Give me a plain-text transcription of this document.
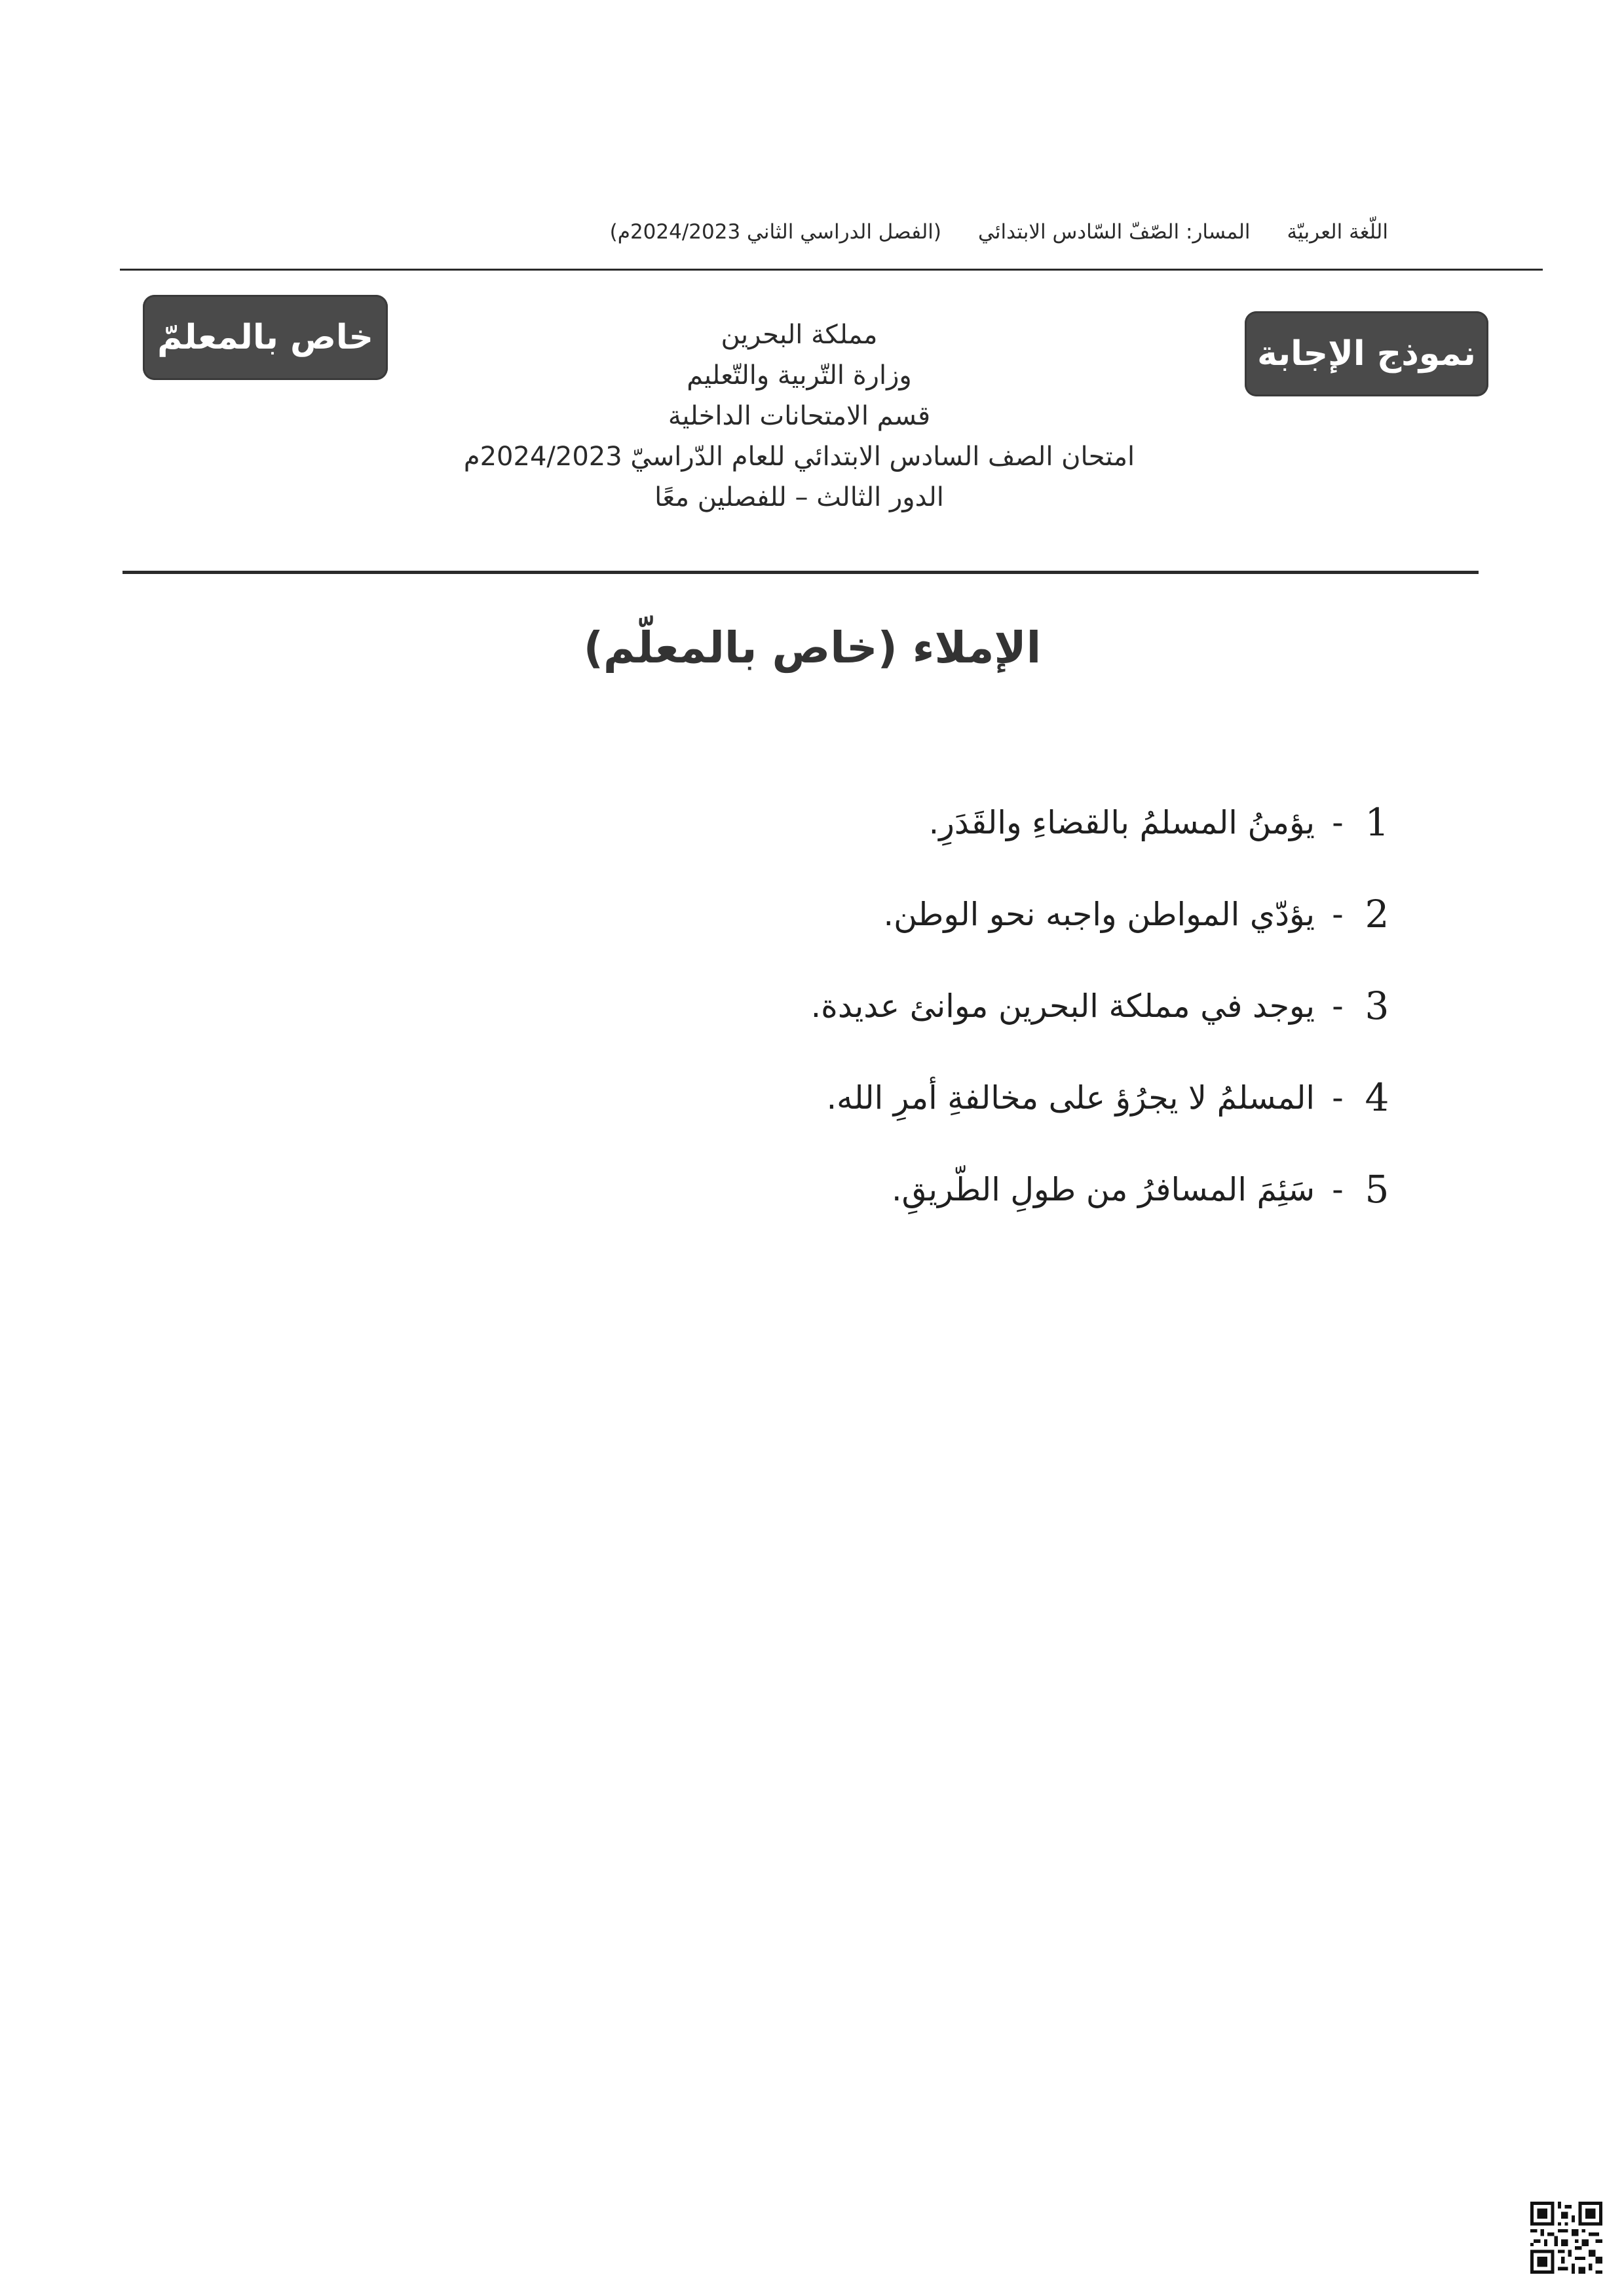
اللّغة العربيّةالمسار: الصّفّ السّادس الابتدائي(الفصل الدراسي الثاني 2024/2023م)
نموذج الإجابة
خاص بالمعلمّ	مملكة البحرين
وزارة التّربية والتّعليم
قسم الامتحانات الداخلية
امتحان الصف السادس الابتدائي للعام الدّراسيّ 2024/2023م
الدور الثالث – للفصلين معًا
الإملاء (خاص بالمعلّم)
1
-
يؤمنُ المسلمُ بالقضاءِ والقَدَرِ.
2
-
يؤدّي المواطن واجبه نحو الوطن.
3
-
يوجد في مملكة البحرين موانئ عديدة.
4
-
المسلمُ لا يجرُؤ على مخالفةِ أمرِ الله.
5
-
سَئِمَ المسافرُ من طولِ الطّريقِ.
